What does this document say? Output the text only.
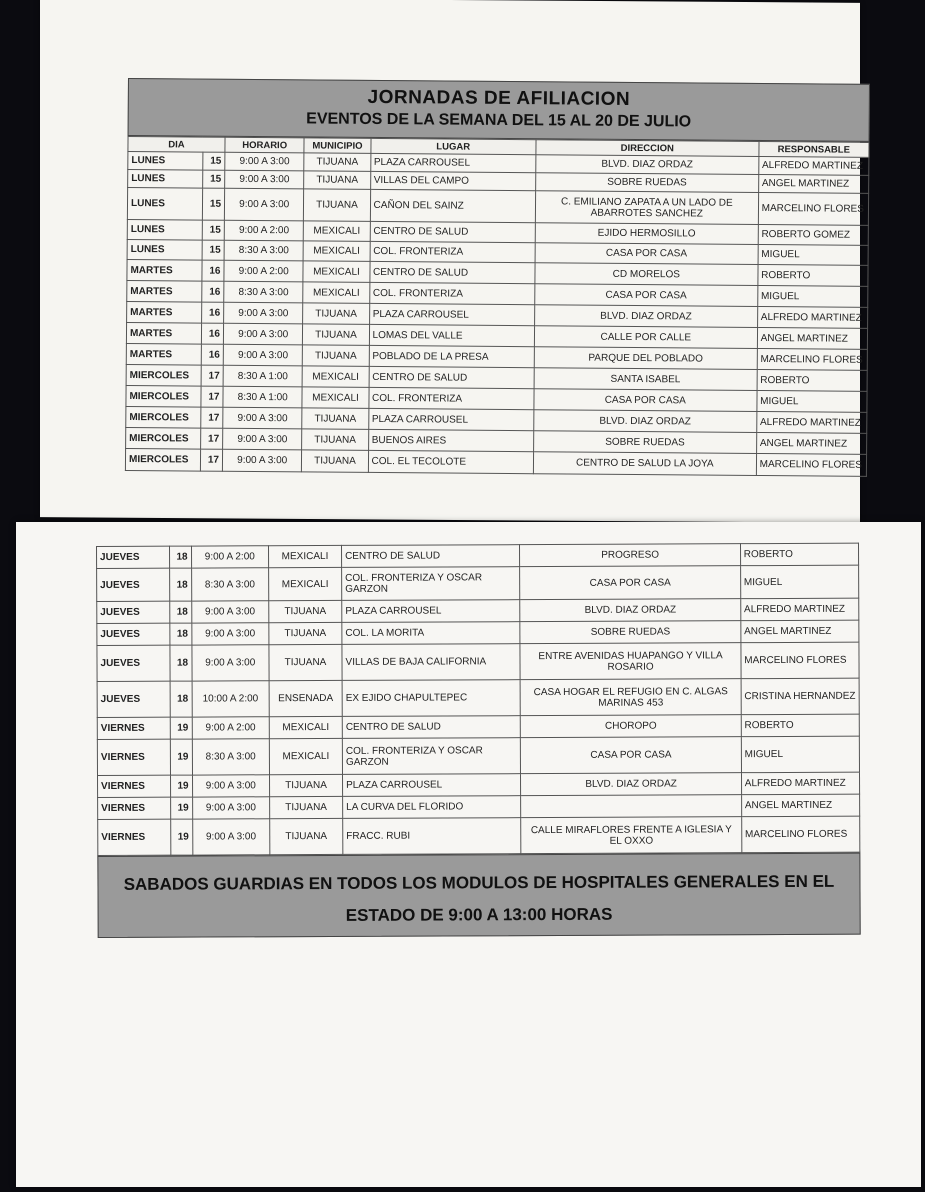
JORNADAS DE AFILIACION
EVENTOS DE LA SEMANA DEL 15 AL 20 DE JULIO
DIA		HORARIO	MUNICIPIO	LUGAR	DIRECCION	RESPONSABLE
LUNES	15	9:00 A 3:00	TIJUANA	PLAZA CARROUSEL	BLVD. DIAZ ORDAZ	ALFREDO MARTINEZ
LUNES	15	9:00 A 3:00	TIJUANA	VILLAS DEL CAMPO	SOBRE RUEDAS	ANGEL MARTINEZ
LUNES	15	9:00 A 3:00	TIJUANA	CAÑON DEL SAINZ	C. EMILIANO ZAPATA A UN LADO DE ABARROTES SANCHEZ	MARCELINO FLORES
LUNES	15	9:00 A 2:00	MEXICALI	CENTRO DE SALUD	EJIDO HERMOSILLO	ROBERTO GOMEZ
LUNES	15	8:30 A 3:00	MEXICALI	COL. FRONTERIZA	CASA POR CASA	MIGUEL
MARTES	16	9:00 A 2:00	MEXICALI	CENTRO DE SALUD	CD MORELOS	ROBERTO
MARTES	16	8:30 A 3:00	MEXICALI	COL. FRONTERIZA	CASA POR CASA	MIGUEL
MARTES	16	9:00 A 3:00	TIJUANA	PLAZA CARROUSEL	BLVD. DIAZ ORDAZ	ALFREDO MARTINEZ
MARTES	16	9:00 A 3:00	TIJUANA	LOMAS DEL VALLE	CALLE POR CALLE	ANGEL MARTINEZ
MARTES	16	9:00 A 3:00	TIJUANA	POBLADO DE LA PRESA	PARQUE DEL POBLADO	MARCELINO FLORES
MIERCOLES	17	8:30 A 1:00	MEXICALI	CENTRO DE SALUD	SANTA ISABEL	ROBERTO
MIERCOLES	17	8:30 A 1:00	MEXICALI	COL. FRONTERIZA	CASA POR CASA	MIGUEL
MIERCOLES	17	9:00 A 3:00	TIJUANA	PLAZA CARROUSEL	BLVD. DIAZ ORDAZ	ALFREDO MARTINEZ
MIERCOLES	17	9:00 A 3:00	TIJUANA	BUENOS AIRES	SOBRE RUEDAS	ANGEL MARTINEZ
MIERCOLES	17	9:00 A 3:00	TIJUANA	COL. EL TECOLOTE	CENTRO DE SALUD LA JOYA	MARCELINO FLORES
JUEVES	18	9:00 A 2:00	MEXICALI	CENTRO DE SALUD	PROGRESO	ROBERTO
JUEVES	18	8:30 A 3:00	MEXICALI	COL. FRONTERIZA Y OSCAR GARZON	CASA POR CASA	MIGUEL
JUEVES	18	9:00 A 3:00	TIJUANA	PLAZA CARROUSEL	BLVD. DIAZ ORDAZ	ALFREDO MARTINEZ
JUEVES	18	9:00 A 3:00	TIJUANA	COL. LA MORITA	SOBRE RUEDAS	ANGEL MARTINEZ
JUEVES	18	9:00 A 3:00	TIJUANA	VILLAS DE BAJA CALIFORNIA	ENTRE AVENIDAS HUAPANGO Y VILLA ROSARIO	MARCELINO FLORES
JUEVES	18	10:00 A 2:00	ENSENADA	EX EJIDO CHAPULTEPEC	CASA HOGAR EL REFUGIO EN C. ALGAS MARINAS 453	CRISTINA HERNANDEZ
VIERNES	19	9:00 A 2:00	MEXICALI	CENTRO DE SALUD	CHOROPO	ROBERTO
VIERNES	19	8:30 A 3:00	MEXICALI	COL. FRONTERIZA Y OSCAR GARZON	CASA POR CASA	MIGUEL
VIERNES	19	9:00 A 3:00	TIJUANA	PLAZA CARROUSEL	BLVD. DIAZ ORDAZ	ALFREDO MARTINEZ
VIERNES	19	9:00 A 3:00	TIJUANA	LA CURVA DEL FLORIDO		ANGEL MARTINEZ
VIERNES	19	9:00 A 3:00	TIJUANA	FRACC. RUBI	CALLE MIRAFLORES FRENTE A IGLESIA Y EL OXXO	MARCELINO FLORES
SABADOS GUARDIAS EN TODOS LOS MODULOS DE HOSPITALES GENERALES EN EL
ESTADO DE 9:00 A 13:00 HORAS
